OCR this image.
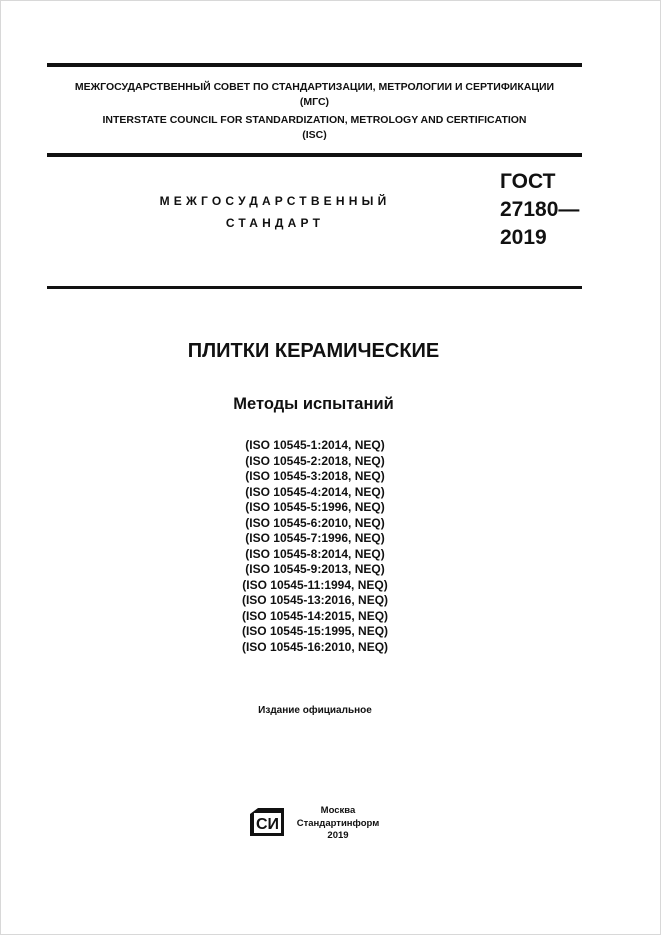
МЕЖГОСУДАРСТВЕННЫЙ СОВЕТ ПО СТАНДАРТИЗАЦИИ, МЕТРОЛОГИИ И СЕРТИФИКАЦИИ
(МГС)
INTERSTATE COUNCIL FOR STANDARDIZATION, METROLOGY AND CERTIFICATION
(ISC)
МЕЖГОСУДАРСТВЕННЫЙ
СТАНДАРТ
ГОСТ
27180—
2019
ПЛИТКИ КЕРАМИЧЕСКИЕ
Методы испытаний
(ISO 10545-1:2014, NEQ)
(ISO 10545-2:2018, NEQ)
(ISO 10545-3:2018, NEQ)
(ISO 10545-4:2014, NEQ)
(ISO 10545-5:1996, NEQ)
(ISO 10545-6:2010, NEQ)
(ISO 10545-7:1996, NEQ)
(ISO 10545-8:2014, NEQ)
(ISO 10545-9:2013, NEQ)
(ISO 10545-11:1994, NEQ)
(ISO 10545-13:2016, NEQ)
(ISO 10545-14:2015, NEQ)
(ISO 10545-15:1995, NEQ)
(ISO 10545-16:2010, NEQ)
Издание официальное
СИ
Москва
Стандартинформ
2019
